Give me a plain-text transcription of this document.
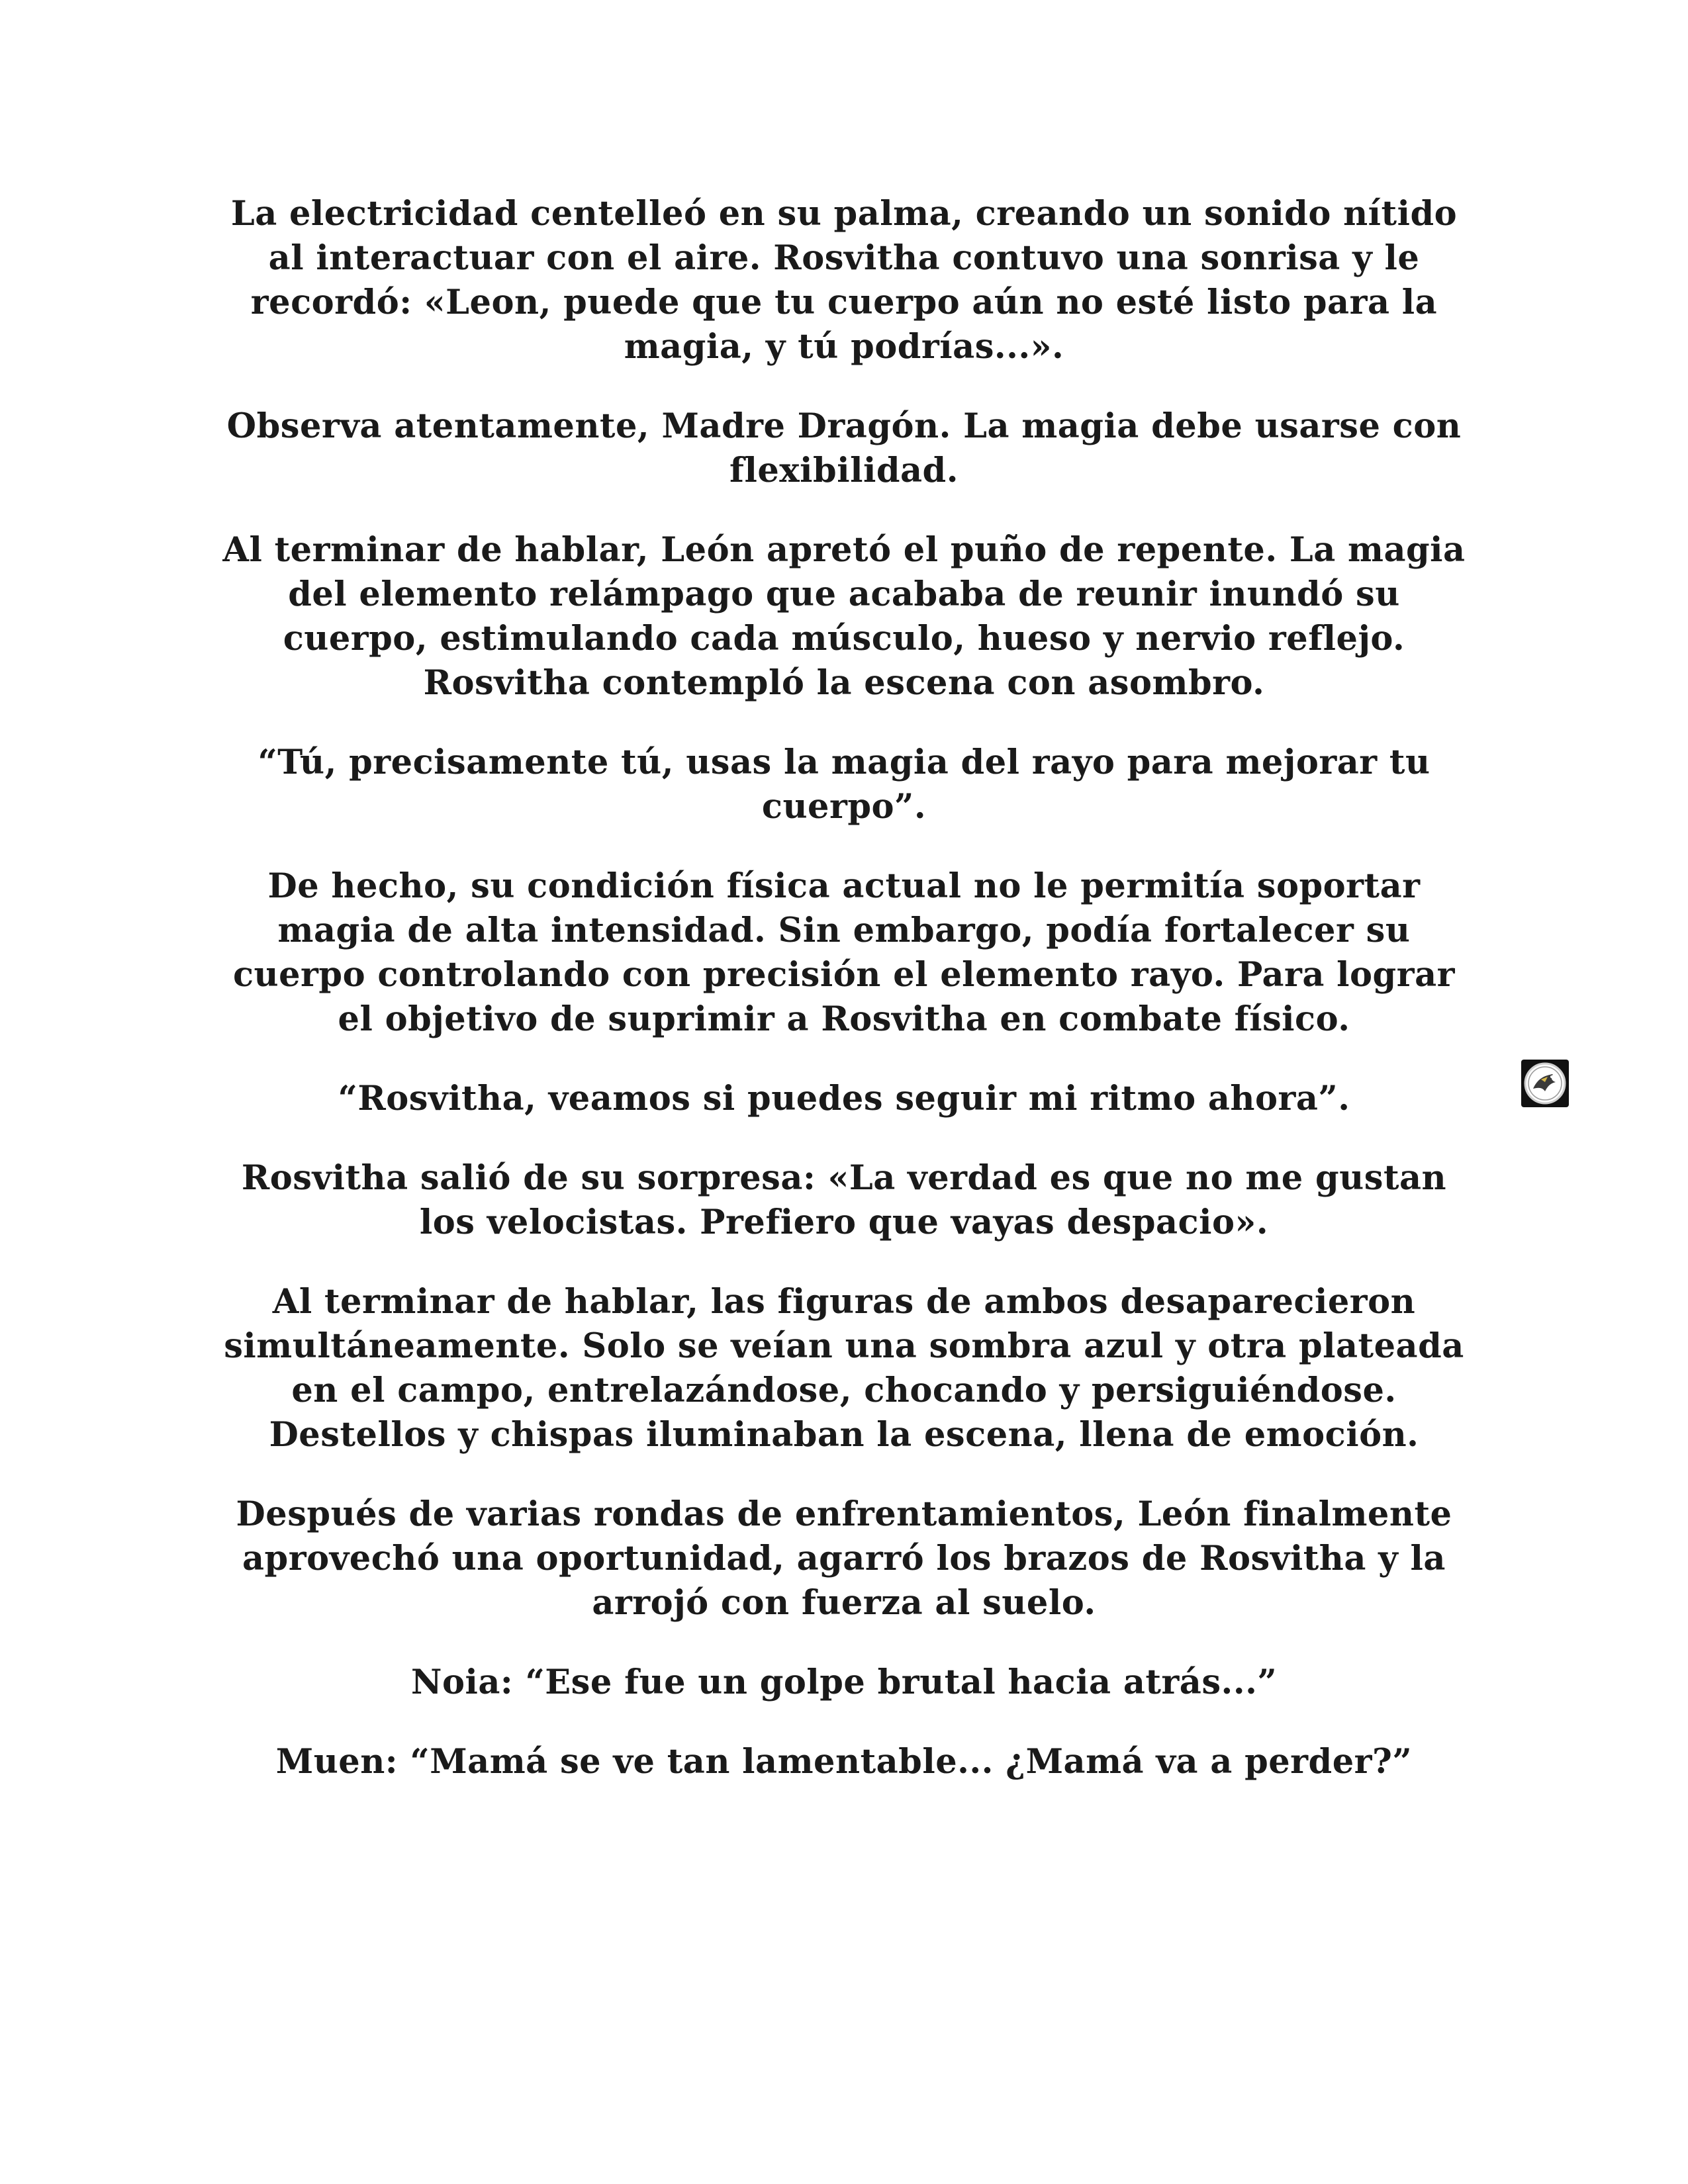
La electricidad centelleó en su palma, creando un sonido nítido al interactuar con el aire. Rosvitha contuvo una sonrisa y le recordó: «Leon, puede que tu cuerpo aún no esté listo para la magia, y tú podrías...».

Observa atentamente, Madre Dragón. La magia debe usarse con flexibilidad.

Al terminar de hablar, León apretó el puño de repente. La magia del elemento relámpago que acababa de reunir inundó su cuerpo, estimulando cada músculo, hueso y nervio reflejo. Rosvitha contempló la escena con asombro.

“Tú, precisamente tú, usas la magia del rayo para mejorar tu cuerpo”.

De hecho, su condición física actual no le permitía soportar magia de alta intensidad. Sin embargo, podía fortalecer su cuerpo controlando con precisión el elemento rayo. Para lograr el objetivo de suprimir a Rosvitha en combate físico.

“Rosvitha, veamos si puedes seguir mi ritmo ahora”.

Rosvitha salió de su sorpresa: «La verdad es que no me gustan los velocistas. Prefiero que vayas despacio».

Al terminar de hablar, las figuras de ambos desaparecieron simultáneamente. Solo se veían una sombra azul y otra plateada en el campo, entrelazándose, chocando y persiguiéndose. Destellos y chispas iluminaban la escena, llena de emoción.

Después de varias rondas de enfrentamientos, León finalmente aprovechó una oportunidad, agarró los brazos de Rosvitha y la arrojó con fuerza al suelo.

Noia: “Ese fue un golpe brutal hacia atrás...”

Muen: “Mamá se ve tan lamentable... ¿Mamá va a perder?”
